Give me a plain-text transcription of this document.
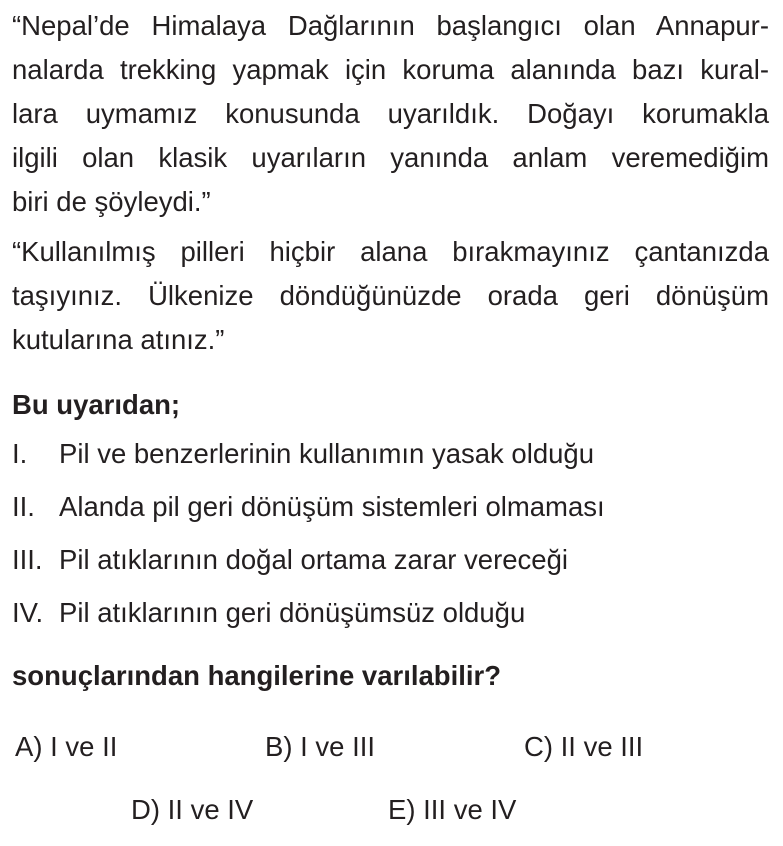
“Nepal’de Himalaya Dağlarının başlangıcı olan Annapur-
nalarda trekking yapmak için koruma alanında bazı kural-
lara uymamız konusunda uyarıldık. Doğayı korumakla
ilgili olan klasik uyarıların yanında anlam veremediğim
biri de şöyleydi.”
“Kullanılmış pilleri hiçbir alana bırakmayınız çantanızda
taşıyınız. Ülkenize döndüğünüzde orada geri dönüşüm
kutularına atınız.”
Bu uyarıdan;
I. Pil ve benzerlerinin kullanımın yasak olduğu
II. Alanda pil geri dönüşüm sistemleri olmaması
III. Pil atıklarının doğal ortama zarar vereceği
IV. Pil atıklarının geri dönüşümsüz olduğu
sonuçlarından hangilerine varılabilir?
A) I ve II	B) I ve III	C) II ve III
D) II ve IV	E) III ve IV
